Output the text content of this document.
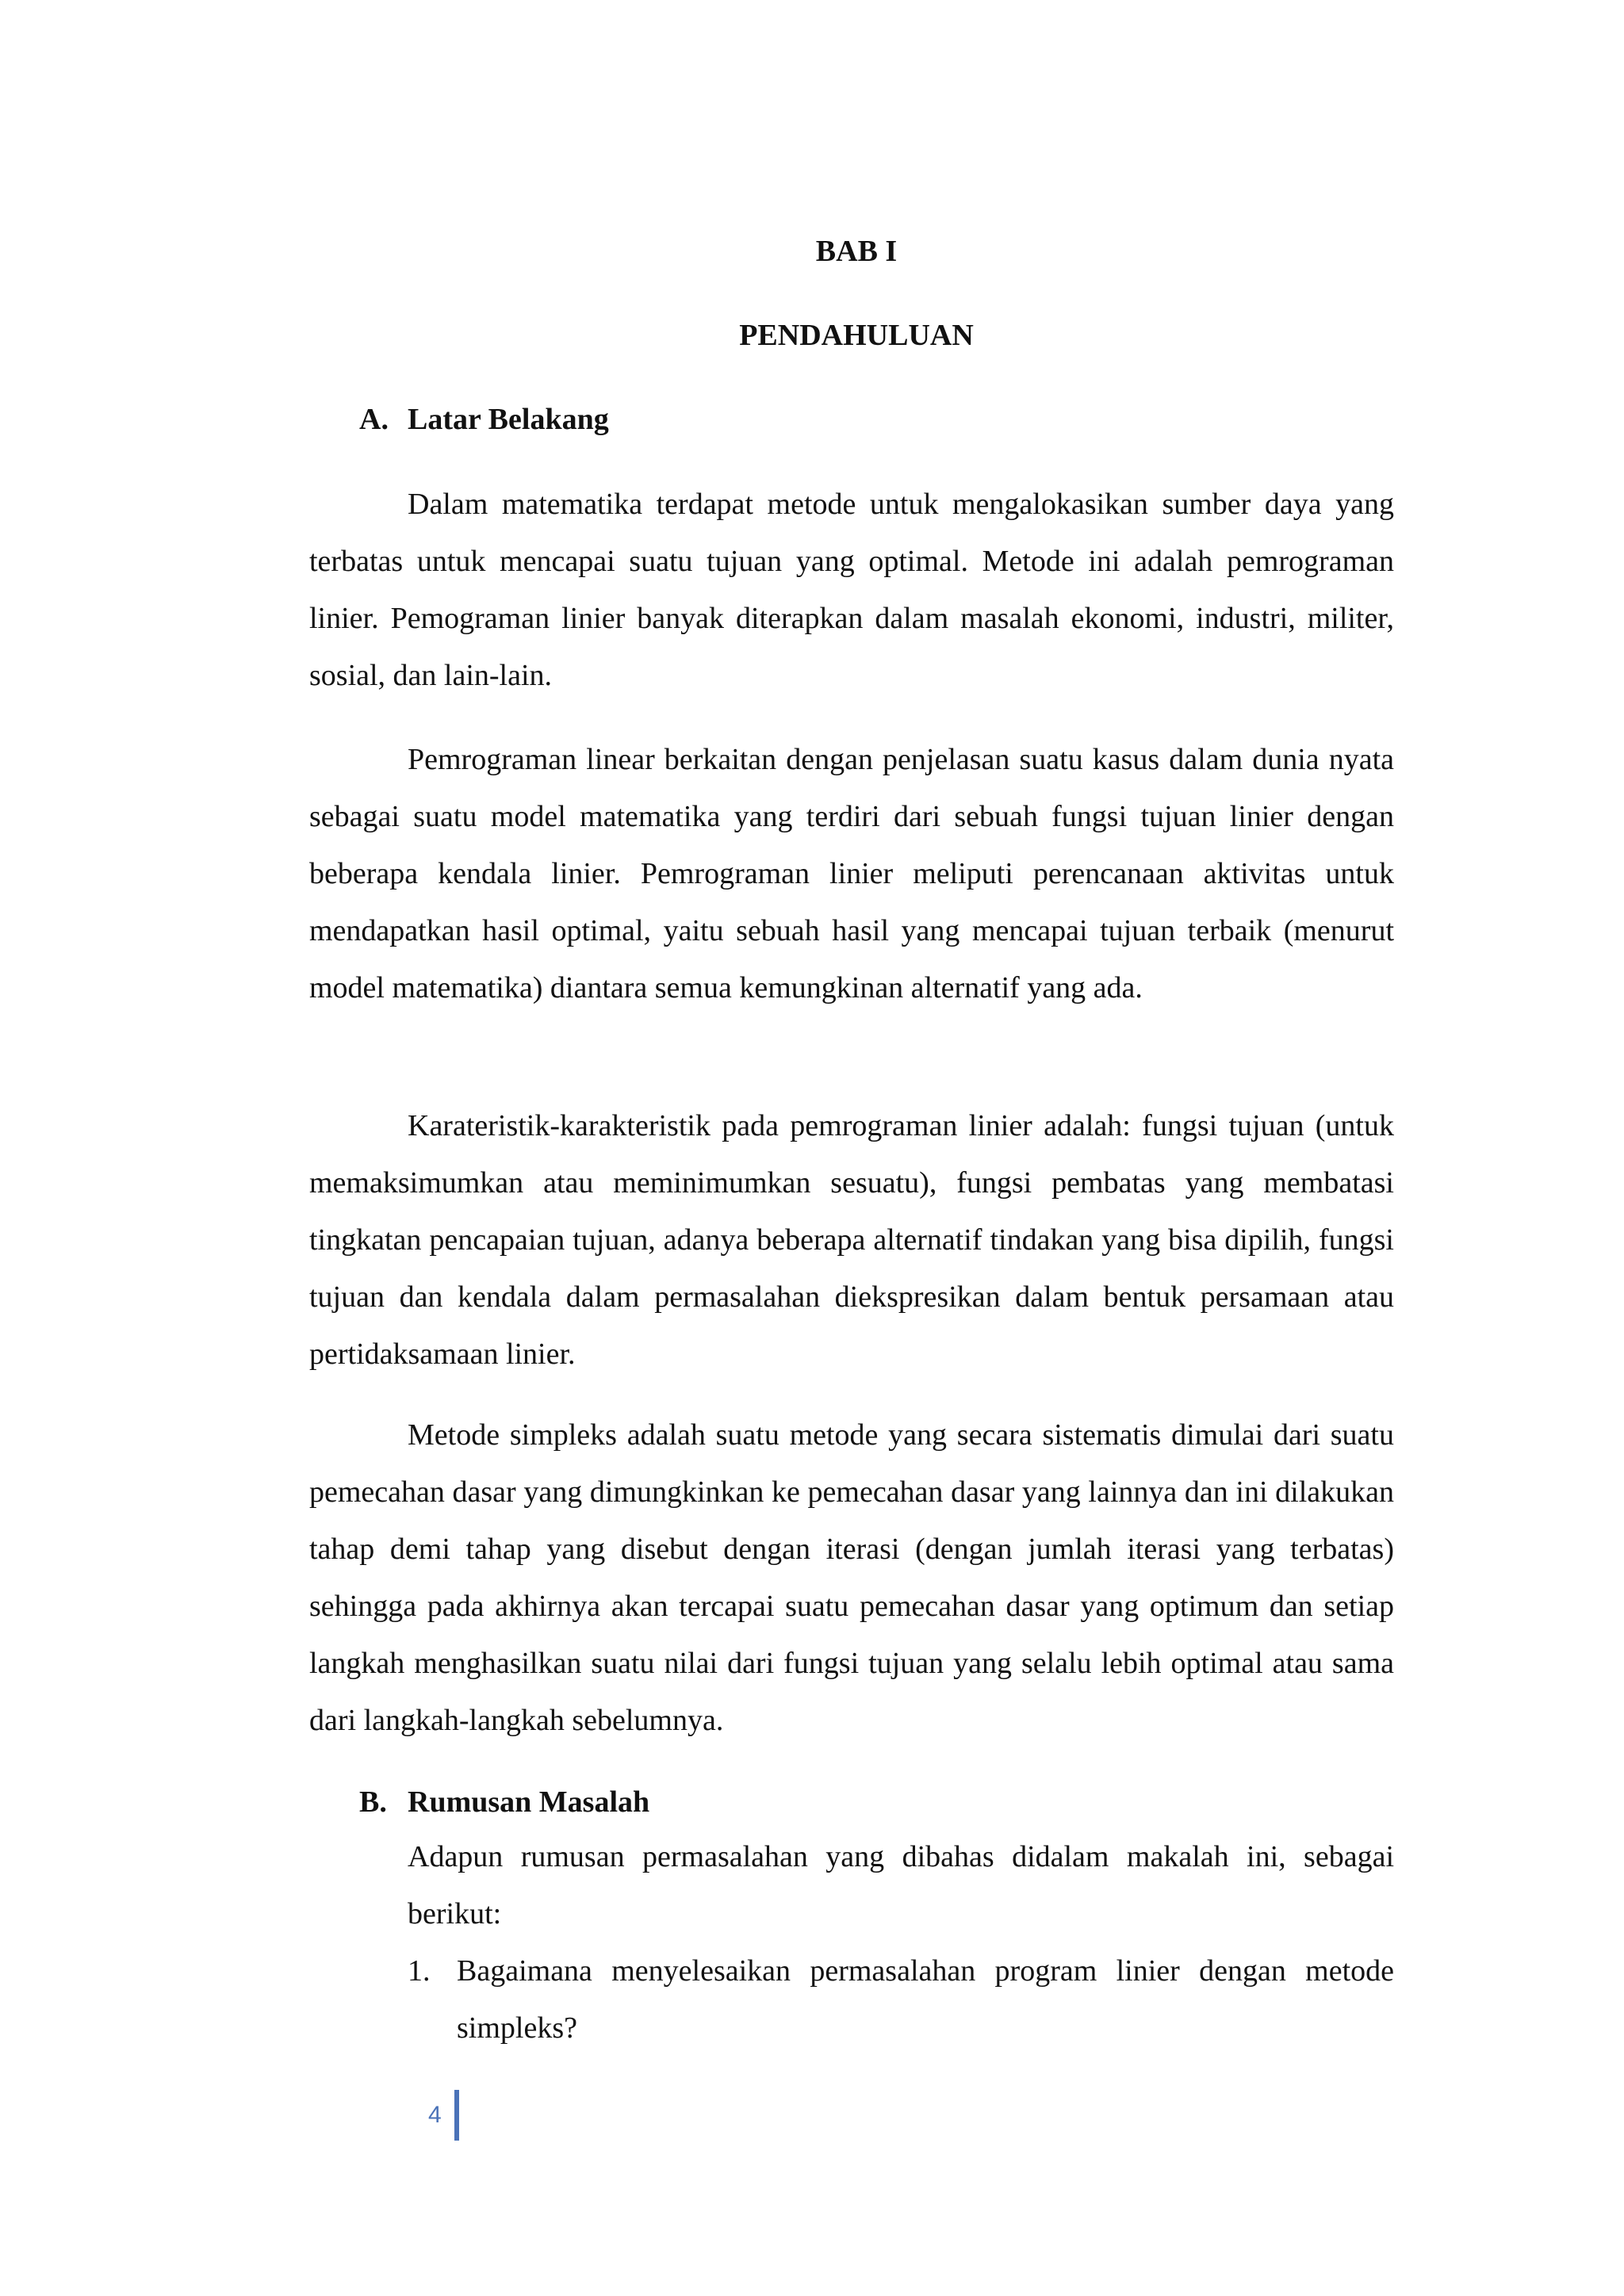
BAB I
PENDAHULUAN
A. Latar Belakang

Dalam matematika terdapat metode untuk mengalokasikan sumber daya yang terbatas untuk mencapai suatu tujuan yang optimal. Metode ini adalah pemrograman linier. Pemograman linier banyak diterapkan dalam masalah ekonomi, industri, militer, sosial, dan lain-lain.

Pemrograman linear berkaitan dengan penjelasan suatu kasus dalam dunia nyata sebagai suatu model matematika yang terdiri dari sebuah fungsi tujuan linier dengan beberapa kendala linier. Pemrograman linier meliputi perencanaan aktivitas untuk mendapatkan hasil optimal, yaitu sebuah hasil yang mencapai tujuan terbaik (menurut model matematika) diantara semua kemungkinan alternatif yang ada.

Karateristik-karakteristik pada pemrograman linier adalah: fungsi tujuan (untuk memaksimumkan atau meminimumkan sesuatu), fungsi pembatas yang membatasi tingkatan pencapaian tujuan, adanya beberapa alternatif tindakan yang bisa dipilih, fungsi tujuan dan kendala dalam permasalahan diekspresikan dalam bentuk persamaan atau pertidaksamaan linier.

Metode simpleks adalah suatu metode yang secara sistematis dimulai dari suatu pemecahan dasar yang dimungkinkan ke pemecahan dasar yang lainnya dan ini dilakukan tahap demi tahap yang disebut dengan iterasi (dengan jumlah iterasi yang terbatas) sehingga pada akhirnya akan tercapai suatu pemecahan dasar yang optimum dan setiap langkah menghasilkan suatu nilai dari fungsi tujuan yang selalu lebih optimal atau sama dari langkah-langkah sebelumnya.

B. Rumusan Masalah

Adapun rumusan permasalahan yang dibahas didalam makalah ini, sebagai berikut:

1. Bagaimana menyelesaikan permasalahan program linier dengan metode simpleks?
4
